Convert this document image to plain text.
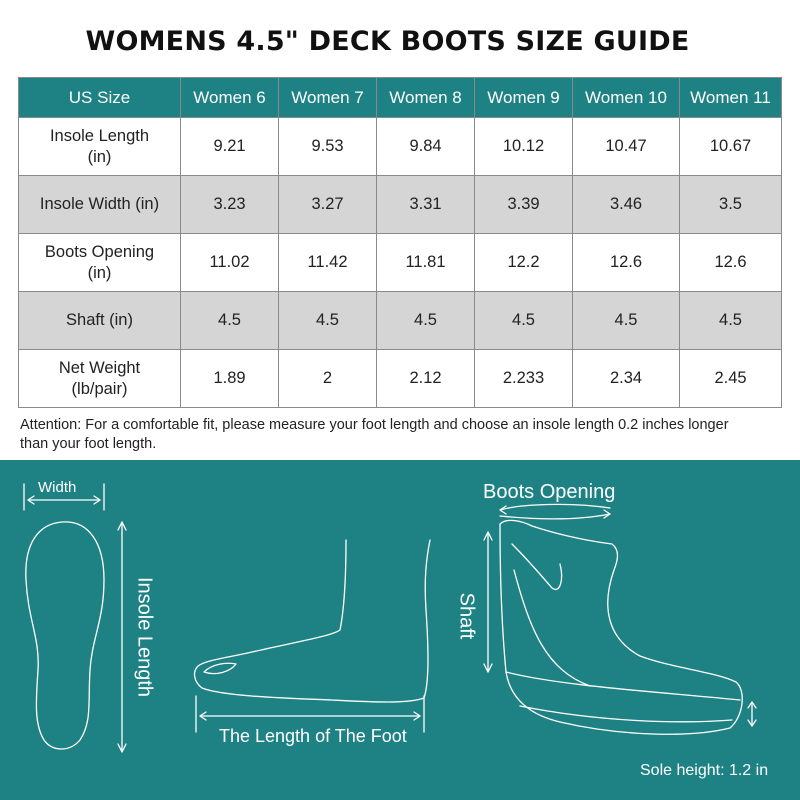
WOMENS 4.5" DECK BOOTS SIZE GUIDE
US Size	Women 6	Women 7	Women 8	Women 9	Women 10	Women 11
Insole Length
(in)	9.21	9.53	9.84	10.12	10.47	10.67
Insole Width (in)	3.23	3.27	3.31	3.39	3.46	3.5
Boots Opening
(in)	11.02	11.42	11.81	12.2	12.6	12.6
Shaft (in)	4.5	4.5	4.5	4.5	4.5	4.5
Net Weight
(lb/pair)	1.89	2	2.12	2.233	2.34	2.45
Attention: For a comfortable fit, please measure your foot length and choose an insole length 0.2 inches longer
than your foot length.
Width
Insole Length
The Length of The Foot
Boots Opening
Shaft
Sole height: 1.2 in
